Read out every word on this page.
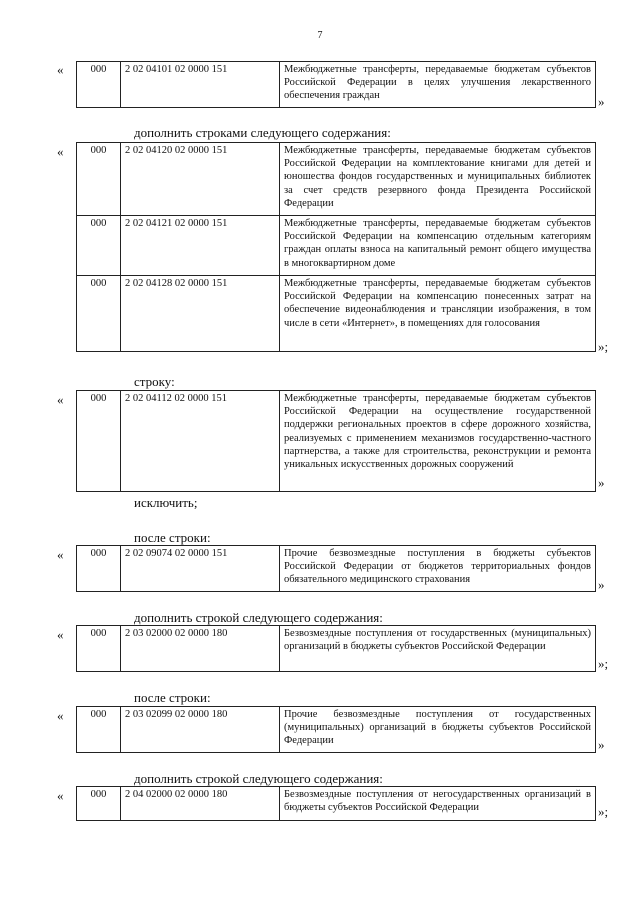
7
«	000	2 02 04101 02 0000 151	Межбюджетные трансферты, передаваемые бюджетам субъектов Российской Федерации в целях улучшения лекарственного обеспечения граждан	»
дополнить строками следующего содержания:
«	000	2 02 04120 02 0000 151	Межбюджетные трансферты, передаваемые бюджетам субъектов Российской Федерации на комплектование книгами для детей и юношества фондов государственных и муниципальных библиотек за счет средств резервного фонда Президента Российской Федерации
000	2 02 04121 02 0000 151	Межбюджетные трансферты, передаваемые бюджетам субъектов Российской Федерации на компенсацию отдельным категориям граждан оплаты взноса на капитальный ремонт общего имущества в многоквартирном доме
000	2 02 04128 02 0000 151	Межбюджетные трансферты, передаваемые бюджетам субъектов Российской Федерации на компенсацию понесенных затрат на обеспечение видеонаблюдения и трансляции изображения, в том числе в сети «Интернет», в помещениях для голосования
»;
строку:
«	000	2 02 04112 02 0000 151	Межбюджетные трансферты, передаваемые бюджетам субъектов Российской Федерации на осуществление государственной поддержки региональных проектов в сфере дорожного хозяйства, реализуемых с применением механизмов государственно-частного партнерства, а также для строительства, реконструкции и ремонта уникальных искусственных дорожных сооружений
»
исключить;
после строки:
«	000	2 02 09074 02 0000 151	Прочие безвозмездные поступления в бюджеты субъектов Российской Федерации от бюджетов территориальных фондов обязательного медицинского страхования	»
дополнить строкой следующего содержания:
«	000	2 03 02000 02 0000 180	Безвозмездные поступления от государственных (муниципальных) организаций в бюджеты субъектов Российской Федерации
»;
после строки:
«	000	2 03 02099 02 0000 180	Прочие безвозмездные поступления от государственных (муниципальных) организаций в бюджеты субъектов Российской Федерации	»
дополнить строкой следующего содержания:
«	000	2 04 02000 02 0000 180	Безвозмездные поступления от негосударственных организаций в бюджеты субъектов Российской Федерации	»;
